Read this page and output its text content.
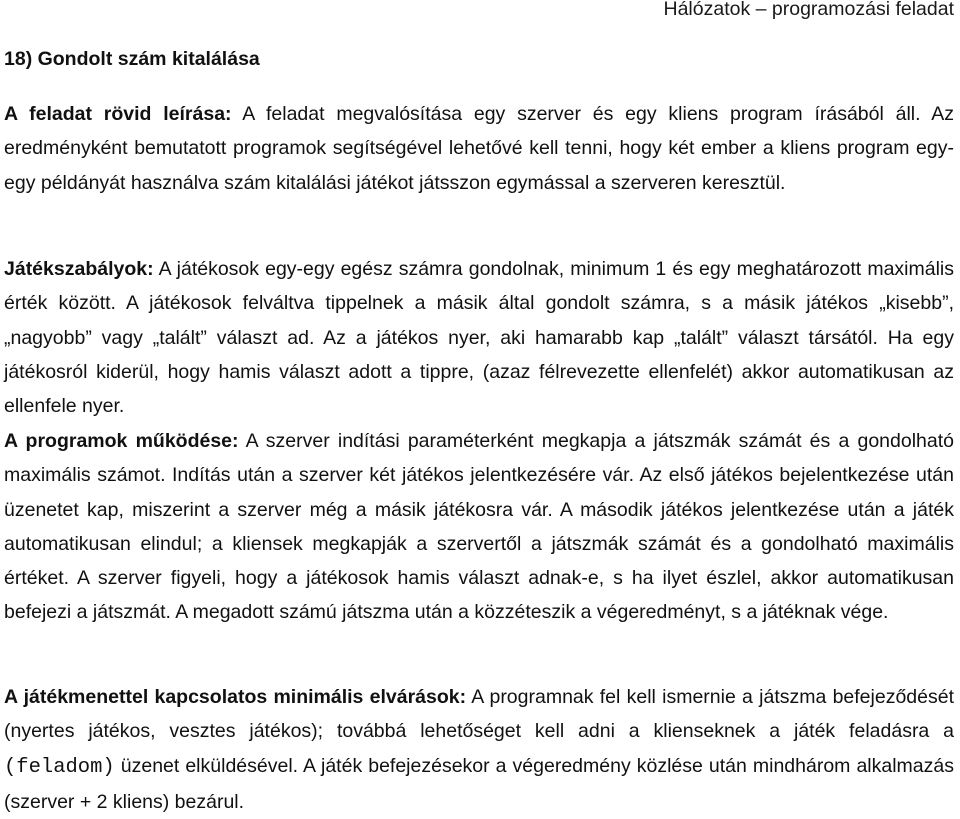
Hálózatok – programozási feladat
18) Gondolt szám kitalálása

A feladat rövid leírása: A feladat megvalósítása egy szerver és egy kliens program írásából áll. Az eredményként bemutatott programok segítségével lehetővé kell tenni, hogy két ember a kliens program egy-egy példányát használva szám kitalálási játékot játsszon egymással a szerveren keresztül.

Játékszabályok: A játékosok egy-egy egész számra gondolnak, minimum 1 és egy meghatározott maximális érték között. A játékosok felváltva tippelnek a másik által gondolt számra, s a másik játékos „kisebb”, „nagyobb” vagy „talált” választ ad. Az a játékos nyer, aki hamarabb kap „talált” választ társától. Ha egy játékosról kiderül, hogy hamis választ adott a tippre, (azaz félrevezette ellenfelét) akkor automatikusan az ellenfele nyer.

A programok működése: A szerver indítási paraméterként megkapja a játszmák számát és a gondolható maximális számot. Indítás után a szerver két játékos jelentkezésére vár. Az első játékos bejelentkezése után üzenetet kap, miszerint a szerver még a másik játékosra vár. A második játékos jelentkezése után a játék automatikusan elindul; a kliensek megkapják a szervertől a játszmák számát és a gondolható maximális értéket. A szerver figyeli, hogy a játékosok hamis választ adnak-e, s ha ilyet észlel, akkor automatikusan befejezi a játszmát. A megadott számú játszma után a közzéteszik a végeredményt, s a játéknak vége.

A játékmenettel kapcsolatos minimális elvárások: A programnak fel kell ismernie a játszma befejeződését (nyertes játékos, vesztes játékos); továbbá lehetőséget kell adni a klienseknek a játék feladásra a (feladom) üzenet elküldésével. A játék befejezésekor a végeredmény közlése után mindhárom alkalmazás (szerver + 2 kliens) bezárul.
